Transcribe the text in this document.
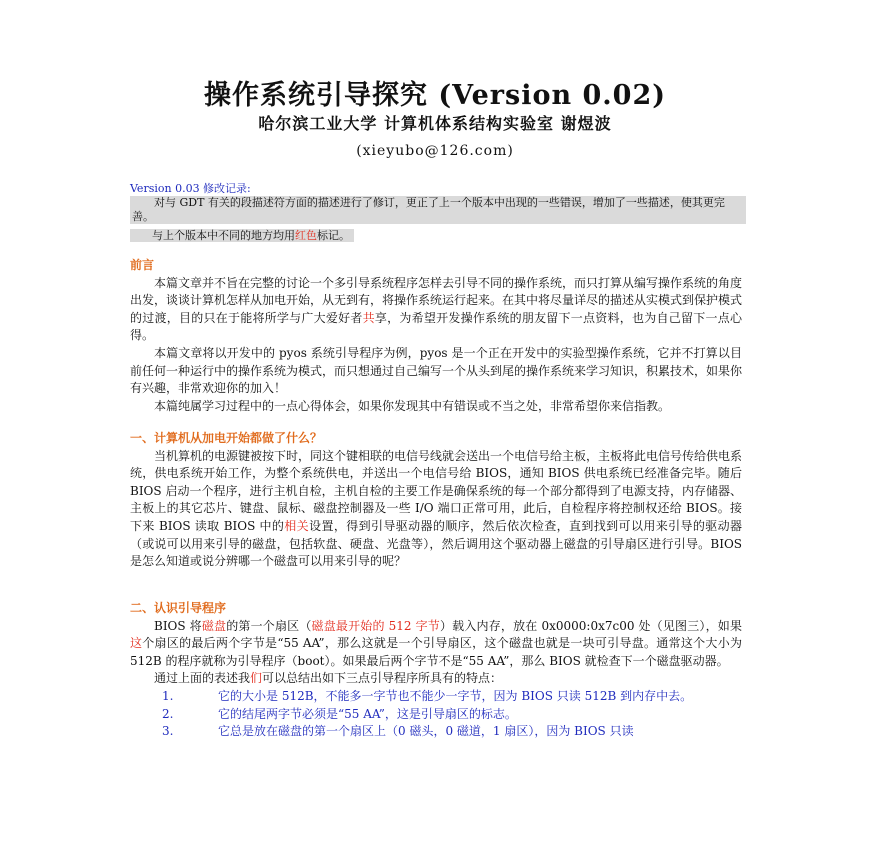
操作系统引导探究 (Version 0.02)
哈尔滨工业大学 计算机体系结构实验室 谢煜波
(xieyubo@126.com)
Version 0.03 修改记录:

对与 GDT 有关的段描述符方面的描述进行了修订，更正了上一个版本中出现的一些错误，增加了一些描述，使其更完善。

与上个版本中不同的地方均用红色标记。

前言

本篇文章并不旨在完整的讨论一个多引导系统程序怎样去引导不同的操作系统，而只打算从编写操作系统的角度出发，谈谈计算机怎样从加电开始，从无到有，将操作系统运行起来。在其中将尽量详尽的描述从实模式到保护模式的过渡，目的只在于能将所学与广大爱好者共享，为希望开发操作系统的朋友留下一点资料，也为自己留下一点心得。

本篇文章将以开发中的 pyos 系统引导程序为例，pyos 是一个正在开发中的实验型操作系统，它并不打算以目前任何一种运行中的操作系统为模式，而只想通过自己编写一个从头到尾的操作系统来学习知识，积累技术，如果你有兴趣，非常欢迎你的加入！

本篇纯属学习过程中的一点心得体会，如果你发现其中有错误或不当之处，非常希望你来信指教。

一、计算机从加电开始都做了什么？

当机算机的电源键被按下时，同这个键相联的电信号线就会送出一个电信号给主板，主板将此电信号传给供电系统，供电系统开始工作，为整个系统供电，并送出一个电信号给 BIOS，通知 BIOS 供电系统已经准备完毕。随后 BIOS 启动一个程序，进行主机自检，主机自检的主要工作是确保系统的每一个部分都得到了电源支持，内存储器、主板上的其它芯片、键盘、鼠标、磁盘控制器及一些 I/O 端口正常可用，此后，自检程序将控制权还给 BIOS。接下来 BIOS 读取 BIOS 中的相关设置，得到引导驱动器的顺序，然后依次检查，直到找到可以用来引导的驱动器（或说可以用来引导的磁盘，包括软盘、硬盘、光盘等），然后调用这个驱动器上磁盘的引导扇区进行引导。BIOS 是怎么知道或说分辨哪一个磁盘可以用来引导的呢？

二、认识引导程序

BIOS 将磁盘的第一个扇区（磁盘最开始的 512 字节）载入内存，放在 0x0000:0x7c00 处（见图三），如果这个扇区的最后两个字节是“55 AA”，那么这就是一个引导扇区，这个磁盘也就是一块可引导盘。通常这个大小为 512B 的程序就称为引导程序（boot）。如果最后两个字节不是“55 AA”，那么 BIOS 就检查下一个磁盘驱动器。

通过上面的表述我们可以总结出如下三点引导程序所具有的特点：

1.	它的大小是 512B，不能多一字节也不能少一字节，因为 BIOS 只读 512B 到内存中去。
2.	它的结尾两字节必须是“55 AA”，这是引导扇区的标志。
3.	它总是放在磁盘的第一个扇区上（0 磁头，0 磁道，1 扇区），因为 BIOS 只读
